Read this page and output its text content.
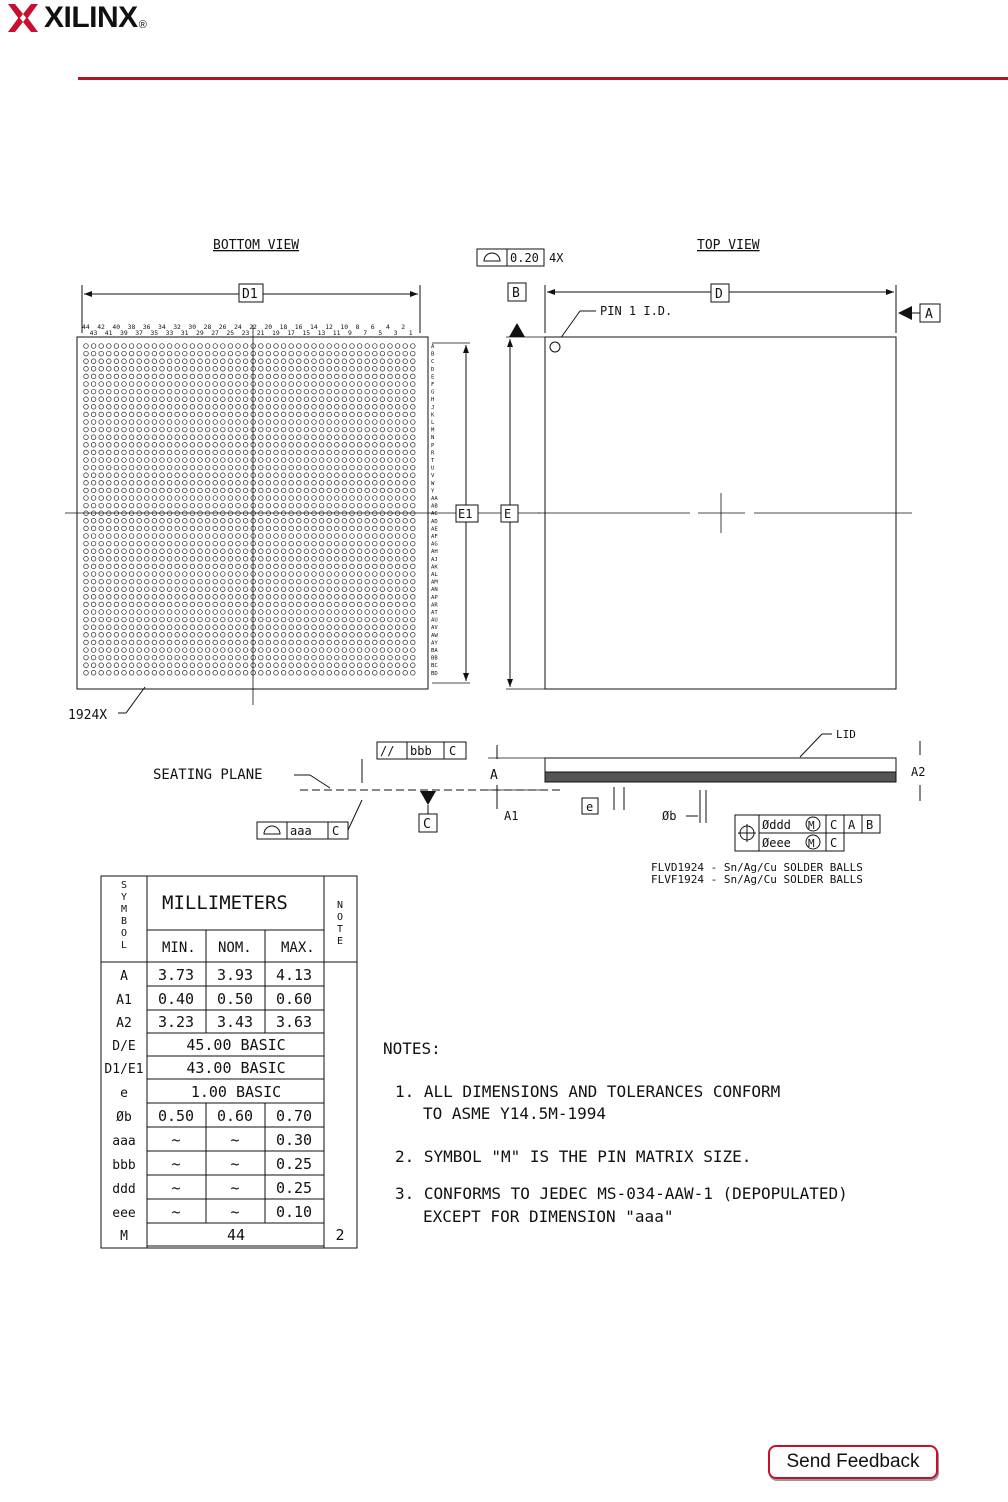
XILINX ®
BOTTOM VIEW
D1
44 42 40 38 36 34 32 30 28 26 24 22 20 18 16 14 12 10 8 6 4 2
43 41 39 37 35 33 31 29 27 25 23 21 19 17 15 13 11 9 7 5 3 1
A
B
C
D
E
F
G
H
J
K
L
M
N
P
R
T
U
V
W
Y
AA
AB
AC
AD
AE
AF
AG
AH
AJ
AK
AL
AM
AN
AP
AR
AT
AU
AV
AW
AY
BA
BB
BC
BD
E1
1924X
TOP VIEW
0.20 4X
B	D
A
PIN 1 I.D.
E
// bbb C
LID
SEATING PLANE	A
A1
C
aaa C
A2
e
Øb
Øddd M C A B
Øeee M C
FLVD1924 - Sn/Ag/Cu SOLDER BALLS
FLVF1924 - Sn/Ag/Cu SOLDER BALLS
S
Y
M
B
O
L
N
O
T
E
MILLIMETERS
MIN. NOM. MAX.
A 3.73 3.93 4.13
A1 0.40 0.50 0.60
A2 3.23 3.43 3.63
D/E	45.00 BASIC
D1/E1	43.00 BASIC
e	1.00 BASIC
Øb 0.50 0.60 0.70
aaa ~	~ 0.30
bbb ~	~ 0.25
ddd ~	~ 0.25
eee ~	~ 0.10
M	44	2
NOTES:
1. ALL DIMENSIONS AND TOLERANCES CONFORM
TO ASME Y14.5M-1994
2. SYMBOL "M" IS THE PIN MATRIX SIZE.
3. CONFORMS TO JEDEC MS-034-AAW-1 (DEPOPULATED)
EXCEPT FOR DIMENSION "aaa"
Send Feedback
